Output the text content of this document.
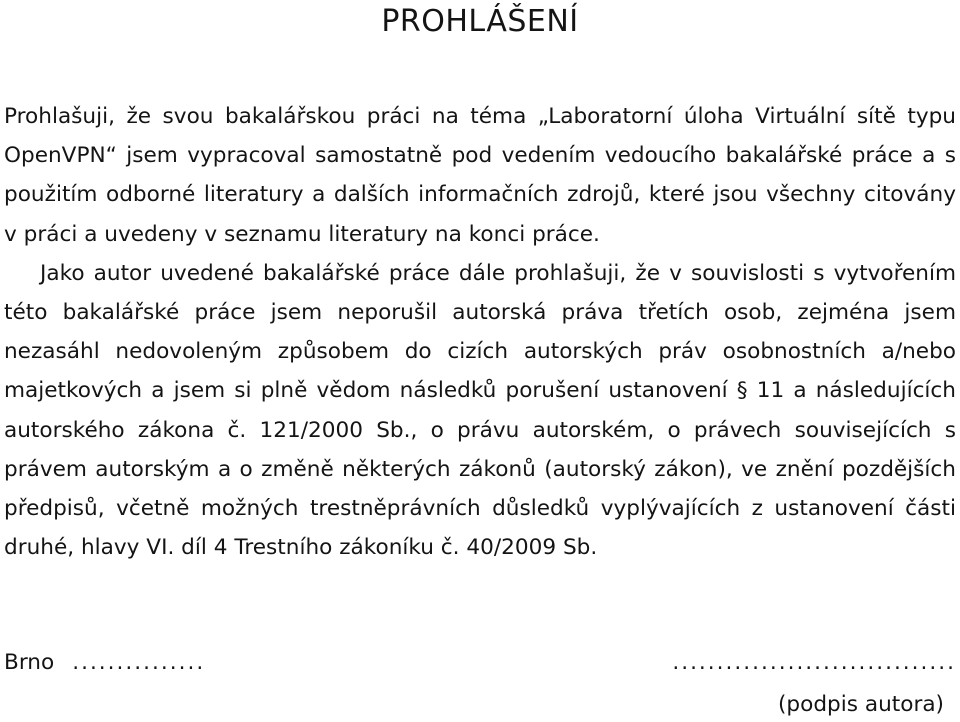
PROHLÁŠENÍ

Prohlašuji, že svou bakalářskou práci na téma „Laboratorní úloha Virtuální sítě typu OpenVPN“ jsem vypracoval samostatně pod vedením vedoucího bakalářské práce a s použitím odborné literatury a dalších informačních zdrojů, které jsou všechny citovány v práci a uvedeny v seznamu literatury na konci práce.

Jako autor uvedené bakalářské práce dále prohlašuji, že v souvislosti s vytvořením této bakalářské práce jsem neporušil autorská práva třetích osob, zejména jsem nezasáhl nedovoleným způsobem do cizích autorských práv osobnostních a/nebo majetkových a jsem si plně vědom následků porušení ustanovení § 11 a následujících autorského zákona č. 121/2000 Sb., o právu autorském, o právech souvisejících s právem autorským a o změně některých zákonů (autorský zákon), ve znění pozdějších předpisů, včetně možných trestněprávních důsledků vyplývajících z ustanovení části druhé, hlavy VI. díl 4 Trestního zákoníku č. 40/2009 Sb.

Brno ...............	................................
(podpis autora)
